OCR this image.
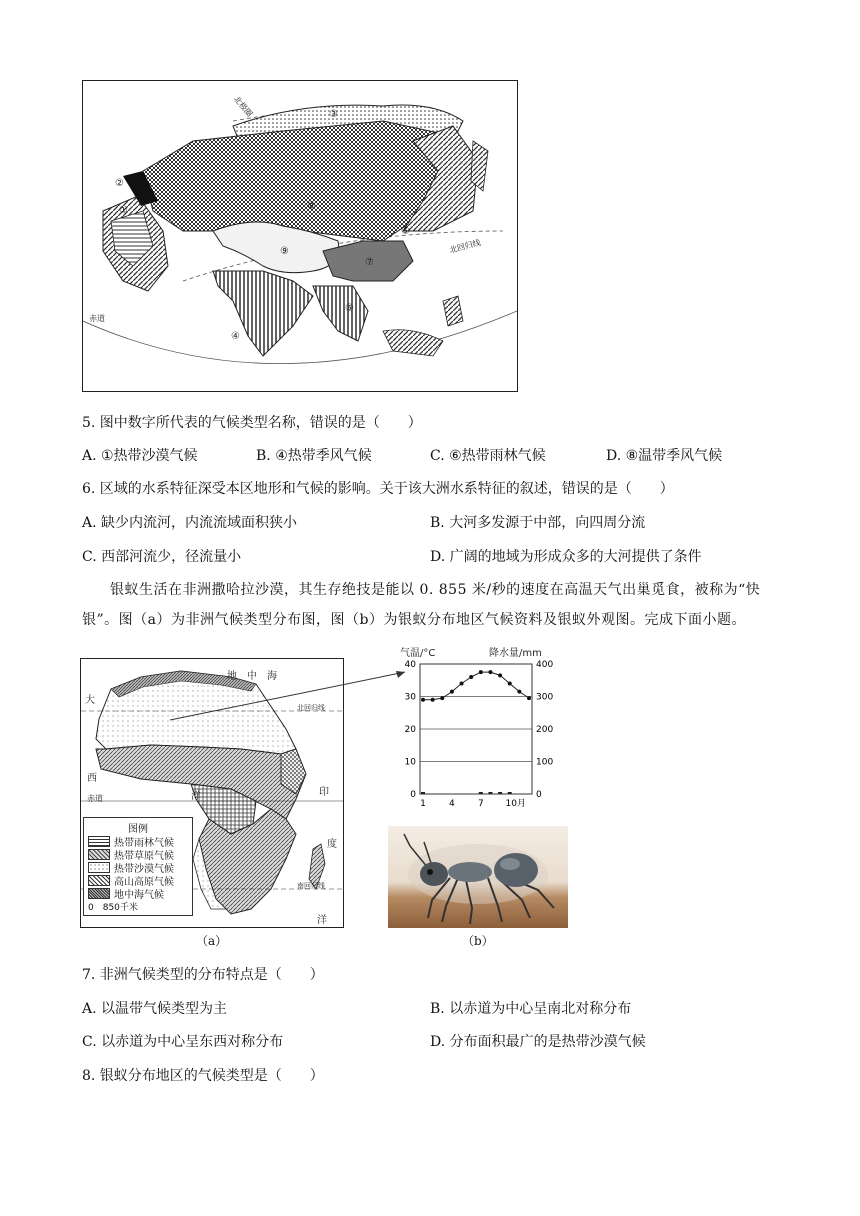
①
②
③
④
⑤
⑥
⑦
⑧
⑨
北极圈
北回归线
赤道
5. 图中数字所代表的气候类型名称，错误的是（　　）
A. ①热带沙漠气候	B. ④热带季风气候	C. ⑥热带雨林气候	D. ⑧温带季风气候
6. 区域的水系特征深受本区地形和气候的影响。关于该大洲水系特征的叙述，错误的是（　　）
A. 缺少内流河，内流流域面积狭小	B. 大河多发源于中部，向四周分流
C. 西部河流少，径流量小	D. 广阔的地域为形成众多的大河提供了条件
银蚁生活在非洲撒哈拉沙漠，其生存绝技是能以 0. 855 米/秒的速度在高温天气出巢觅食，被称为“快
银”。图（a）为非洲气候类型分布图，图（b）为银蚁分布地区气候资料及银蚁外观图。完成下面小题。
地 中 海
大
西
洋	印
度
洋
北回归线
赤道
南回归线
图例
热带雨林气候
热带草原气候
热带沙漠气候
高山高原气候
地中海气候
0　850千米
（a）
气温/°C	降水量/mm
0
10
20
30
40
0
100
200
300
400
1	4	7 10月
（b）
7. 非洲气候类型的分布特点是（　　）
A. 以温带气候类型为主	B. 以赤道为中心呈南北对称分布
C. 以赤道为中心呈东西对称分布	D. 分布面积最广的是热带沙漠气候
8. 银蚁分布地区的气候类型是（　　）
